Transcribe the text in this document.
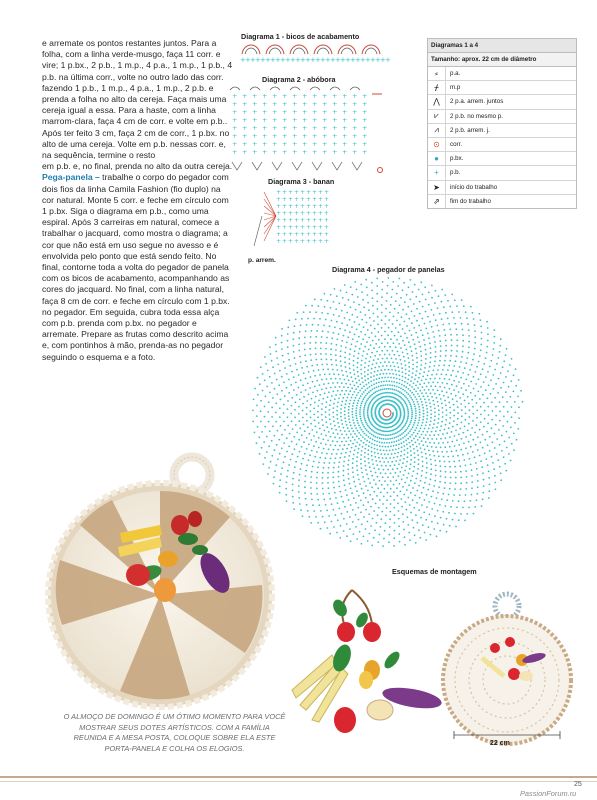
e arremate os pontos restantes juntos. Para a folha, com a linha verde-musgo, faça 11 corr. e vire; 1 p.bx., 2 p.b., 1 m.p., 4 p.a., 1 m.p., 1 p.b., 4 p.b. na última corr., volte no outro lado das corr. fazendo 1 p.b., 1 m.p., 4 p.a., 1 m.p., 2 p.b. e prenda a folha no alto da cereja. Faça mais uma cereja igual a essa. Para a haste, com a linha marrom-clara, faça 4 cm de corr. e volte em p.b.. Após ter feito 3 cm, faça 2 cm de corr., 1 p.bx. no alto de uma cereja. Volte em p.b. nessas corr. e, na sequência, termine o resto

em p.b. e, no final, prenda no alto da outra cereja.

Pega-panela – trabalhe o corpo do pegador com dois fios da linha Camila Fashion (fio duplo) na cor natural. Monte 5 corr. e feche em círculo com 1 p.bx. Siga o diagrama em p.b., como uma espiral. Após 3 carreiras em natural, comece a trabalhar o jacquard, como mostra o diagrama; a cor que não está em uso segue no avesso e é envolvida pelo ponto que está sendo feito. No final, contorne toda a volta do pegador de panela com os bicos de acabamento, acompanhando as cores do jacquard. No final, com a linha natural, faça 8 cm de corr. e feche em círculo com 1 p.bx. no pegador. Em seguida, cubra toda essa alça com p.b. prenda com p.bx. no pegador e arremate. Prepare as frutas como descrito acima e, com pontinhos à mão, prenda-as no pegador seguindo o esquema e a foto.

Diagrama 1 - bicos de acabamento
+ + + + + + + + + + + + + + + + + + + + + + + + + + + + + +
Diagrama 2 - abóbora
+
+
+
+
+
+
+
+
+
+
+
+
+
+
+
+
+
+
+
+
+
+
+
+
+
+
+
+
+
+
+
+
+
+
+
+
+
+
+
+
+
+
+
+
+
+
+
+
+
+
+
+
+
+
+
+
+
+
+
+
+
+
+
+
+
+
+
+
+
+
+
+
+
+
+
+
+
+
+
+
+
+
+
+
+
+
+
+
+
+
+
+
+
+
+
+
+
+
+
+
+
+
+
+
+
+
+
+
+
+
+
+
Diagrama 3 - banan
+ + + + + + + + +
+ + + + + + + + +
+ + + + + + + + +
+ + + + + + + + +
+ + + + + + + + +
+ + + + + + + + +
+ + + + + + + + +
+ + + + + + + + +
p. arrem.
Diagramas 1 a 4
Tamanho: aprox. 22 cm de diâmetro
⸗	p.a.
ᚋ	m.p
⋀	2 p.a. arrem. juntos
⩗	2 p.b. no mesmo p.
⩘	2 p.b. arrem. j.
⊙	corr.
●	p.bx.
+	p.b.
➤	início do trabalho
⇗	fim do trabalho
Diagrama 4 - pegador de panelas
Esquemas de montagem
22 cm
O ALMOÇO DE DOMINGO É UM ÓTIMO MOMENTO PARA VOCÊ MOSTRAR SEUS DOTES ARTÍSTICOS. COM A FAMÍLIA REUNIDA E A MESA POSTA, COLOQUE SOBRE ELA ESTE PORTA-PANELA E COLHA OS ELOGIOS.
25
PassionForum.ru
